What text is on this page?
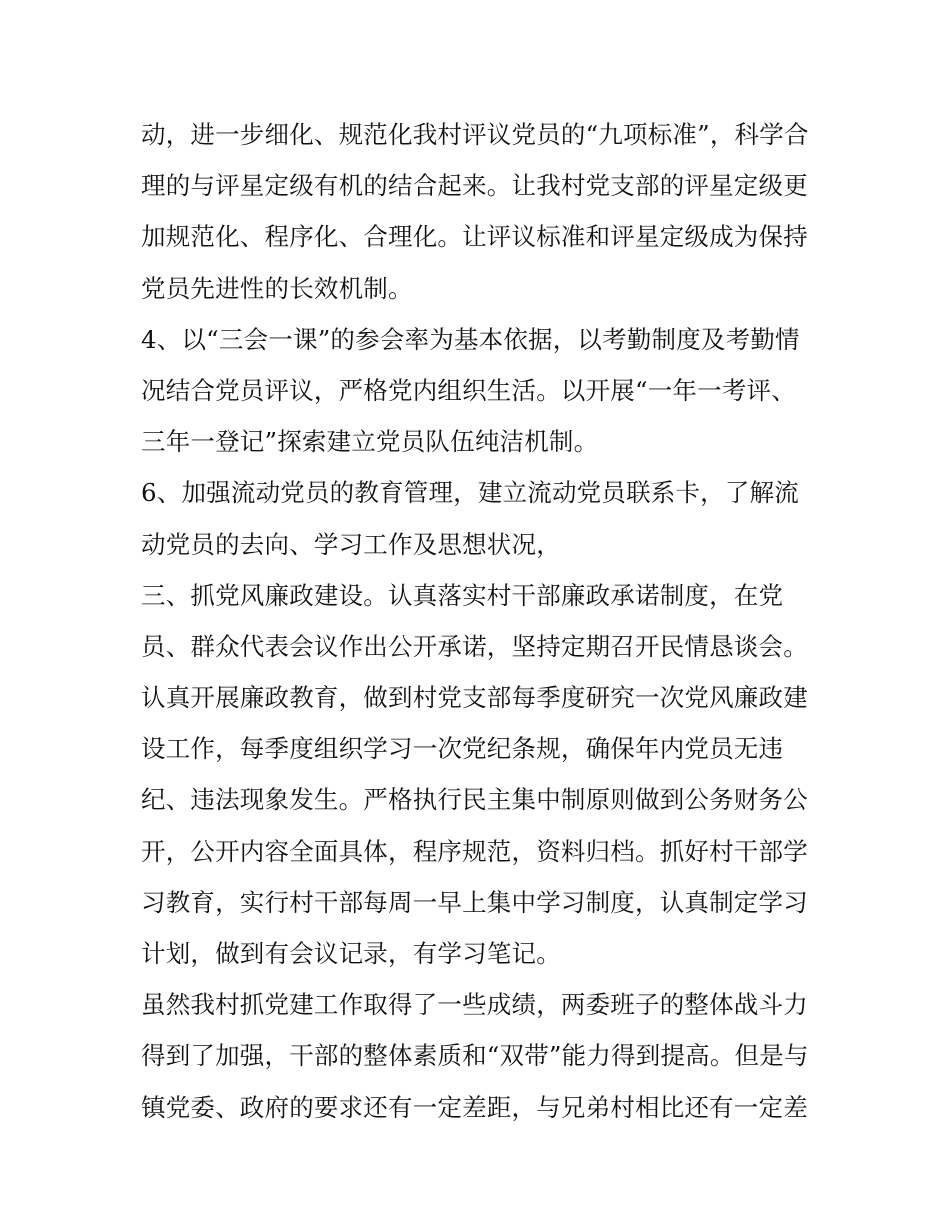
动，进一步细化、规范化我村评议党员的“九项标准”，科学合
理的与评星定级有机的结合起来。让我村党支部的评星定级更
加规范化、程序化、合理化。让评议标准和评星定级成为保持
党员先进性的长效机制。
4、以“三会一课”的参会率为基本依据，以考勤制度及考勤情
况结合党员评议，严格党内组织生活。以开展“一年一考评、
三年一登记”探索建立党员队伍纯洁机制。
6、加强流动党员的教育管理，建立流动党员联系卡，了解流
动党员的去向、学习工作及思想状况，
三、抓党风廉政建设。认真落实村干部廉政承诺制度，在党
员、群众代表会议作出公开承诺，坚持定期召开民情恳谈会。
认真开展廉政教育，做到村党支部每季度研究一次党风廉政建
设工作，每季度组织学习一次党纪条规，确保年内党员无违
纪、违法现象发生。严格执行民主集中制原则做到公务财务公
开，公开内容全面具体，程序规范，资料归档。抓好村干部学
习教育，实行村干部每周一早上集中学习制度，认真制定学习
计划，做到有会议记录，有学习笔记。
虽然我村抓党建工作取得了一些成绩，两委班子的整体战斗力
得到了加强，干部的整体素质和“双带”能力得到提高。但是与
镇党委、政府的要求还有一定差距，与兄弟村相比还有一定差
